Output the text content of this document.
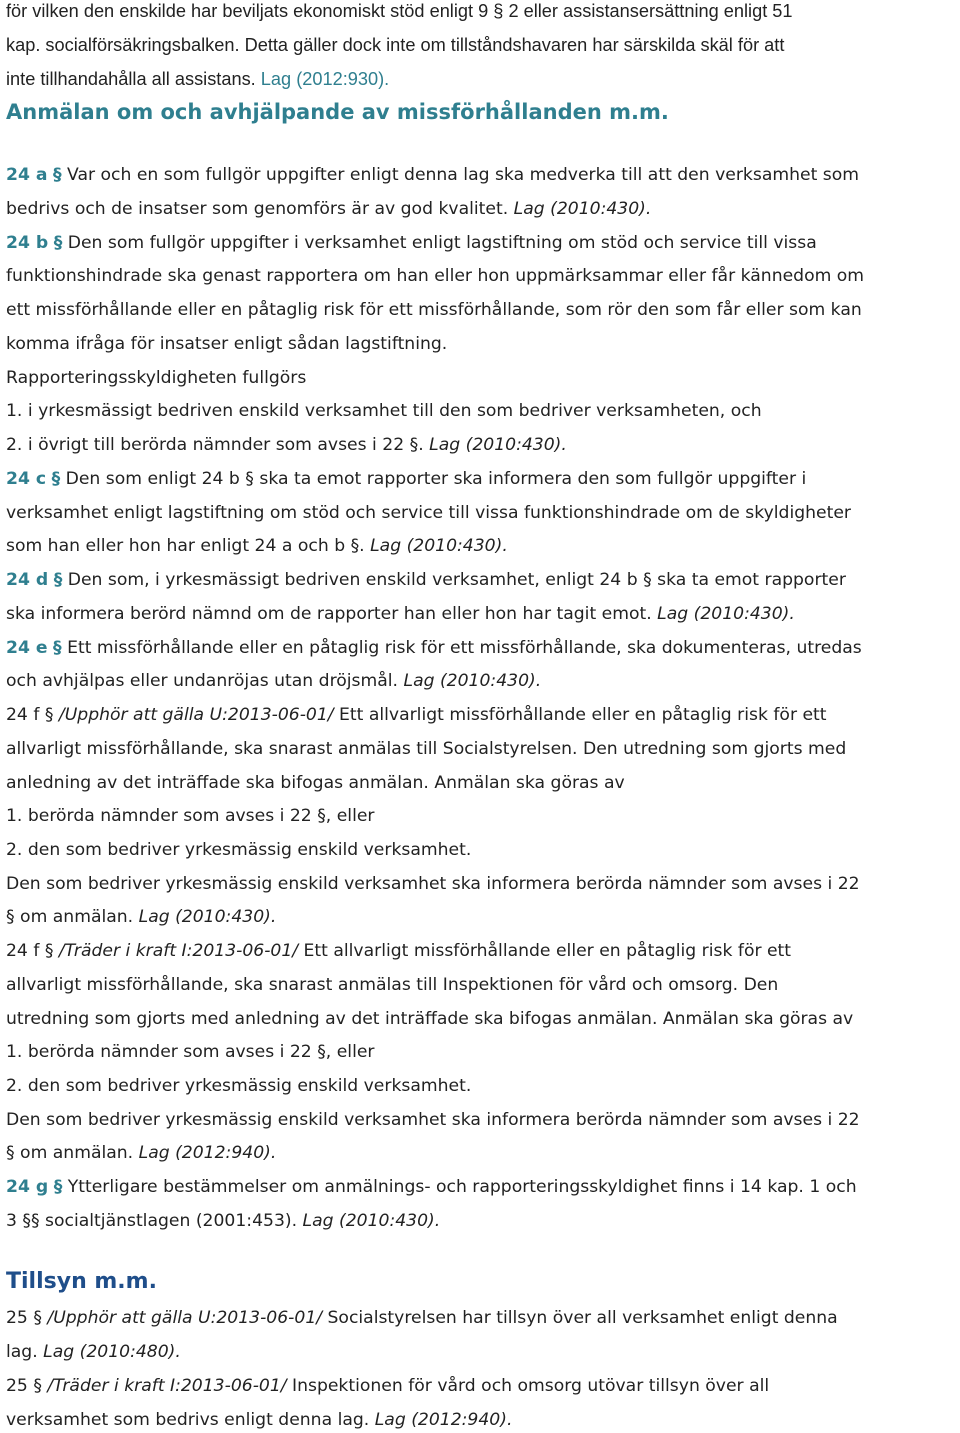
för vilken den enskilde har beviljats ekonomiskt stöd enligt 9 § 2 eller assistansersättning enligt 51
kap. socialförsäkringsbalken. Detta gäller dock inte om tillståndshavaren har särskilda skäl för att
inte tillhandahålla all assistans. Lag (2012:930).
Anmälan om och avhjälpande av missförhållanden m.m.
24 a § Var och en som fullgör uppgifter enligt denna lag ska medverka till att den verksamhet som
bedrivs och de insatser som genomförs är av god kvalitet. Lag (2010:430).
24 b § Den som fullgör uppgifter i verksamhet enligt lagstiftning om stöd och service till vissa
funktionshindrade ska genast rapportera om han eller hon uppmärksammar eller får kännedom om
ett missförhållande eller en påtaglig risk för ett missförhållande, som rör den som får eller som kan
komma ifråga för insatser enligt sådan lagstiftning.
Rapporteringsskyldigheten fullgörs
1. i yrkesmässigt bedriven enskild verksamhet till den som bedriver verksamheten, och
2. i övrigt till berörda nämnder som avses i 22 §. Lag (2010:430).
24 c § Den som enligt 24 b § ska ta emot rapporter ska informera den som fullgör uppgifter i
verksamhet enligt lagstiftning om stöd och service till vissa funktionshindrade om de skyldigheter
som han eller hon har enligt 24 a och b §. Lag (2010:430).
24 d § Den som, i yrkesmässigt bedriven enskild verksamhet, enligt 24 b § ska ta emot rapporter
ska informera berörd nämnd om de rapporter han eller hon har tagit emot. Lag (2010:430).
24 e § Ett missförhållande eller en påtaglig risk för ett missförhållande, ska dokumenteras, utredas
och avhjälpas eller undanröjas utan dröjsmål. Lag (2010:430).
24 f § /Upphör att gälla U:2013-06-01/ Ett allvarligt missförhållande eller en påtaglig risk för ett
allvarligt missförhållande, ska snarast anmälas till Socialstyrelsen. Den utredning som gjorts med
anledning av det inträffade ska bifogas anmälan. Anmälan ska göras av
1. berörda nämnder som avses i 22 §, eller
2. den som bedriver yrkesmässig enskild verksamhet.
Den som bedriver yrkesmässig enskild verksamhet ska informera berörda nämnder som avses i 22
§ om anmälan. Lag (2010:430).
24 f § /Träder i kraft I:2013-06-01/ Ett allvarligt missförhållande eller en påtaglig risk för ett
allvarligt missförhållande, ska snarast anmälas till Inspektionen för vård och omsorg. Den
utredning som gjorts med anledning av det inträffade ska bifogas anmälan. Anmälan ska göras av
1. berörda nämnder som avses i 22 §, eller
2. den som bedriver yrkesmässig enskild verksamhet.
Den som bedriver yrkesmässig enskild verksamhet ska informera berörda nämnder som avses i 22
§ om anmälan. Lag (2012:940).
24 g § Ytterligare bestämmelser om anmälnings- och rapporteringsskyldighet finns i 14 kap. 1 och
3 §§ socialtjänstlagen (2001:453). Lag (2010:430).
Tillsyn m.m.
25 § /Upphör att gälla U:2013-06-01/ Socialstyrelsen har tillsyn över all verksamhet enligt denna
lag. Lag (2010:480).
25 § /Träder i kraft I:2013-06-01/ Inspektionen för vård och omsorg utövar tillsyn över all
verksamhet som bedrivs enligt denna lag. Lag (2012:940).
